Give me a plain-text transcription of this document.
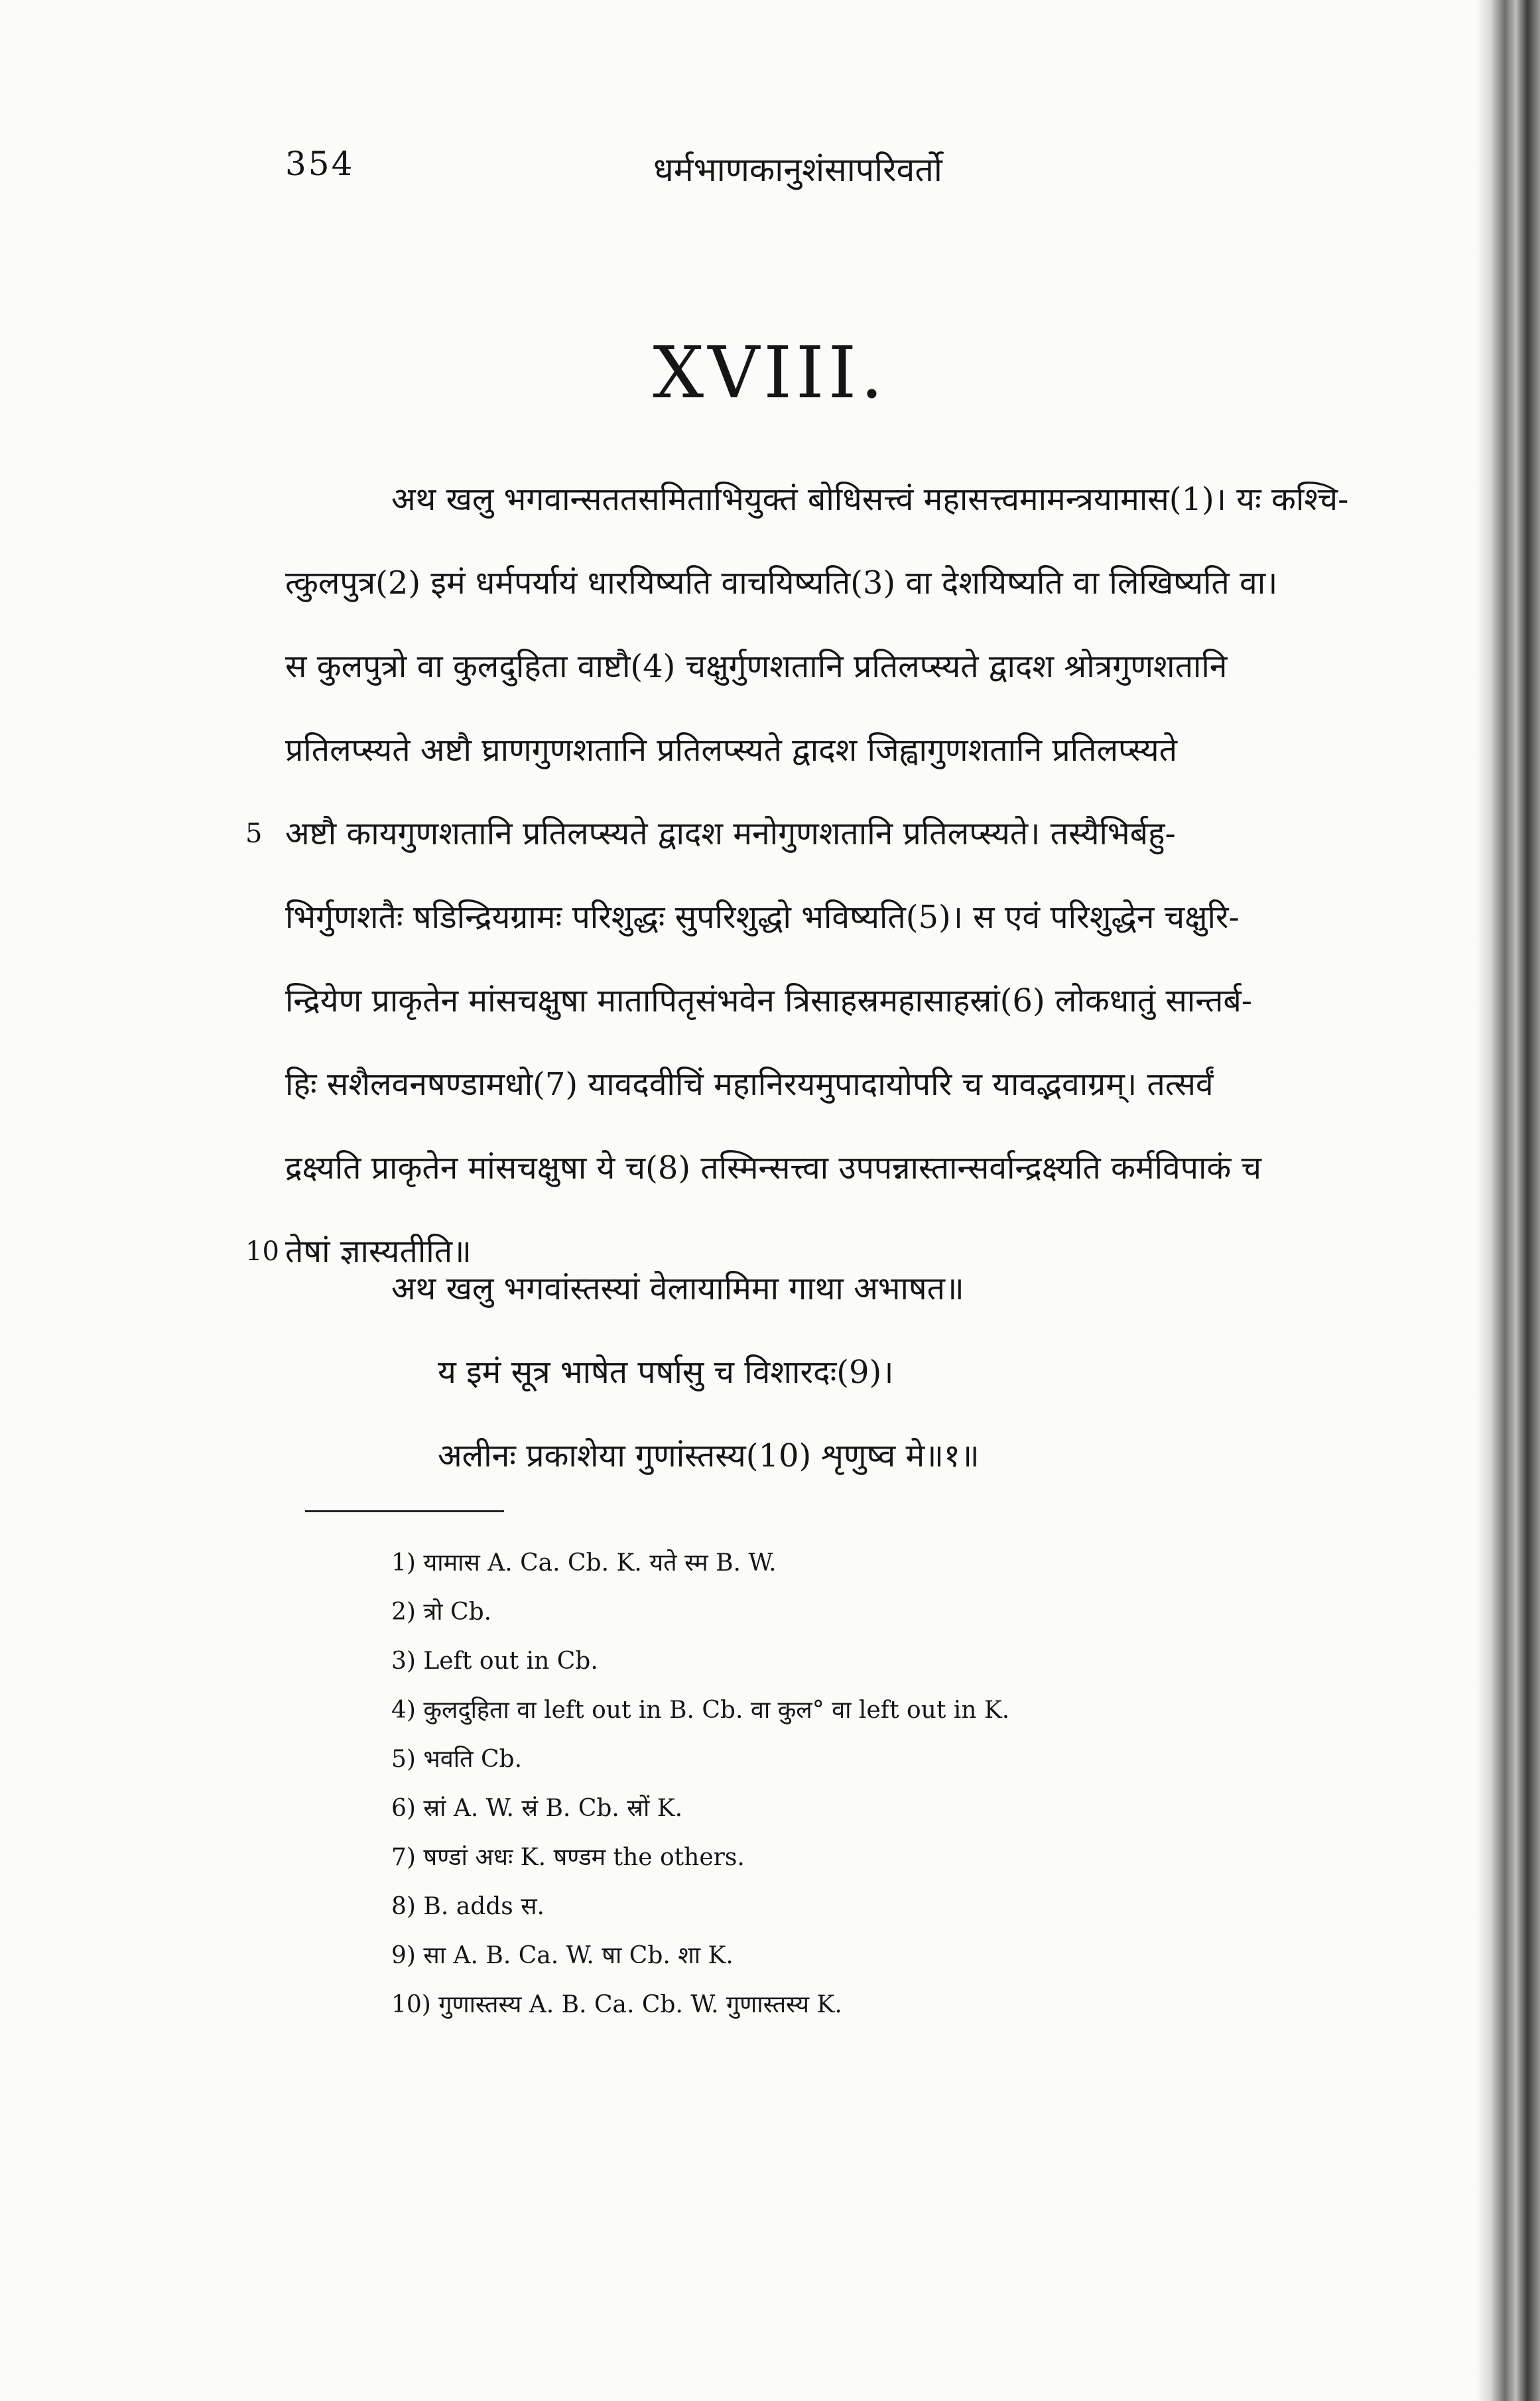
354	धर्मभाणकानुशंसापरिवर्तो
XVIII.
अथ खलु भगवान्सततसमिताभियुक्तं बोधिसत्त्वं महासत्त्वमामन्त्रयामास(1)। यः कश्चि-
त्कुलपुत्र(2) इमं धर्मपर्यायं धारयिष्यति वाचयिष्यति(3) वा देशयिष्यति वा लिखिष्यति वा।
स कुलपुत्रो वा कुलदुहिता वाष्टौ(4) चक्षुर्गुणशतानि प्रतिलप्स्यते द्वादश श्रोत्रगुणशतानि
प्रतिलप्स्यते अष्टौ घ्राणगुणशतानि प्रतिलप्स्यते द्वादश जिह्वागुणशतानि प्रतिलप्स्यते
5 अष्टौ कायगुणशतानि प्रतिलप्स्यते द्वादश मनोगुणशतानि प्रतिलप्स्यते। तस्यैभिर्बहु-
भिर्गुणशतैः षडिन्द्रियग्रामः परिशुद्धः सुपरिशुद्धो भविष्यति(5)। स एवं परिशुद्धेन चक्षुरि-
न्द्रियेण प्राकृतेन मांसचक्षुषा मातापितृसंभवेन त्रिसाहस्रमहासाहस्रां(6) लोकधातुं सान्तर्ब-
हिः सशैलवनषण्डामधो(7) यावदवीचिं महानिरयमुपादायोपरि च यावद्भवाग्रम्। तत्सर्वं
द्रक्ष्यति प्राकृतेन मांसचक्षुषा ये च(8) तस्मिन्सत्त्वा उपपन्नास्तान्सर्वान्द्रक्ष्यति कर्मविपाकं च
10 तेषां ज्ञास्यतीति॥
अथ खलु भगवांस्तस्यां वेलायामिमा गाथा अभाषत॥
य इमं सूत्र भाषेत पर्षासु च विशारदः(9)।
अलीनः प्रकाशेया गुणांस्तस्य(10) शृणुष्व मे॥१॥
1) यामास A. Ca. Cb. K. यते स्म B. W.
2) त्रो Cb.
3) Left out in Cb.
4) कुलदुहिता वा left out in B. Cb. वा कुल° वा left out in K.
5) भवति Cb.
6) स्रां A. W. स्रं B. Cb. स्रों K.
7) षण्डां अधः K. षण्डम the others.
8) B. adds स.
9) सा A. B. Ca. W. षा Cb. शा K.
10) गुणास्तस्य A. B. Ca. Cb. W. गुणास्तस्य K.
